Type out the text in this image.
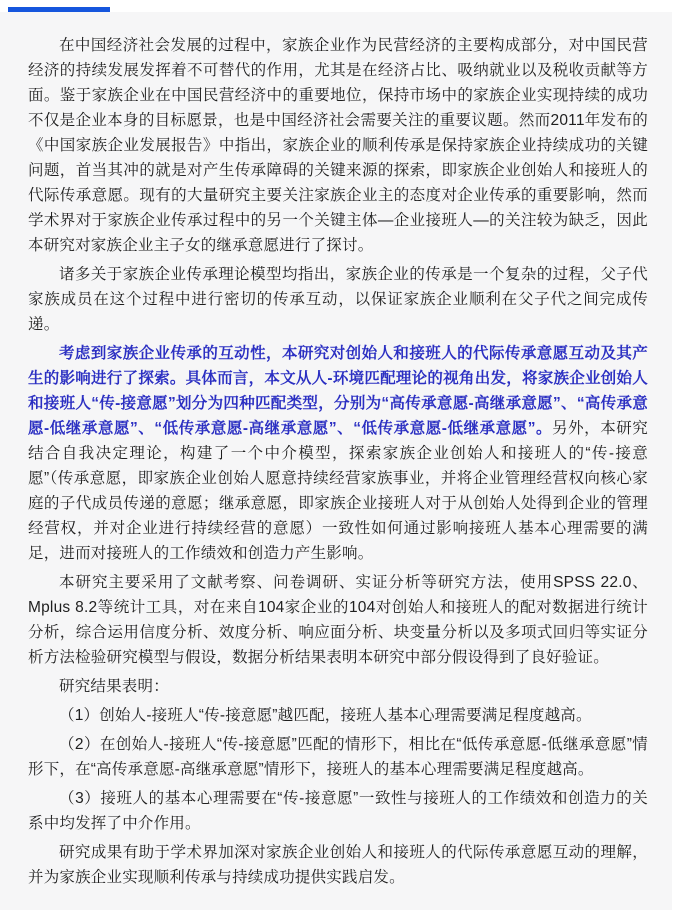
在中国经济社会发展的过程中，家族企业作为民营经济的主要构成部分，对中国民营经济的持续发展发挥着不可替代的作用，尤其是在经济占比、吸纳就业以及税收贡献等方面。鉴于家族企业在中国民营经济中的重要地位，保持市场中的家族企业实现持续的成功不仅是企业本身的目标愿景，也是中国经济社会需要关注的重要议题。然而2011年发布的《中国家族企业发展报告》中指出，家族企业的顺利传承是保持家族企业持续成功的关键问题，首当其冲的就是对产生传承障碍的关键来源的探索，即家族企业创始人和接班人的代际传承意愿。现有的大量研究主要关注家族企业主的态度对企业传承的重要影响，然而学术界对于家族企业传承过程中的另一个关键主体—企业接班人—的关注较为缺乏，因此本研究对家族企业主子女的继承意愿进行了探讨。

诸多关于家族企业传承理论模型均指出，家族企业的传承是一个复杂的过程，父子代家族成员在这个过程中进行密切的传承互动，以保证家族企业顺利在父子代之间完成传递。

考虑到家族企业传承的互动性，本研究对创始人和接班人的代际传承意愿互动及其产生的影响进行了探索。具体而言，本文从人-环境匹配理论的视角出发，将家族企业创始人和接班人“传-接意愿”划分为四种匹配类型，分别为“高传承意愿-高继承意愿”、“高传承意愿-低继承意愿”、“低传承意愿-高继承意愿”、“低传承意愿-低继承意愿”。另外，本研究结合自我决定理论，构建了一个中介模型，探索家族企业创始人和接班人的“传-接意愿”（传承意愿，即家族企业创始人愿意持续经营家族事业，并将企业管理经营权向核心家庭的子代成员传递的意愿；继承意愿，即家族企业接班人对于从创始人处得到企业的管理经营权，并对企业进行持续经营的意愿）一致性如何通过影响接班人基本心理需要的满足，进而对接班人的工作绩效和创造力产生影响。

本研究主要采用了文献考察、问卷调研、实证分析等研究方法，使用SPSS 22.0、Mplus 8.2等统计工具，对在来自104家企业的104对创始人和接班人的配对数据进行统计分析，综合运用信度分析、效度分析、响应面分析、块变量分析以及多项式回归等实证分析方法检验研究模型与假设，数据分析结果表明本研究中部分假设得到了良好验证。

研究结果表明：

（1）创始人-接班人“传-接意愿”越匹配，接班人基本心理需要满足程度越高。

（2）在创始人-接班人“传-接意愿”匹配的情形下，相比在“低传承意愿-低继承意愿”情形下，在“高传承意愿-高继承意愿”情形下，接班人的基本心理需要满足程度越高。

（3）接班人的基本心理需要在“传-接意愿”一致性与接班人的工作绩效和创造力的关系中均发挥了中介作用。

研究成果有助于学术界加深对家族企业创始人和接班人的代际传承意愿互动的理解，并为家族企业实现顺利传承与持续成功提供实践启发。
